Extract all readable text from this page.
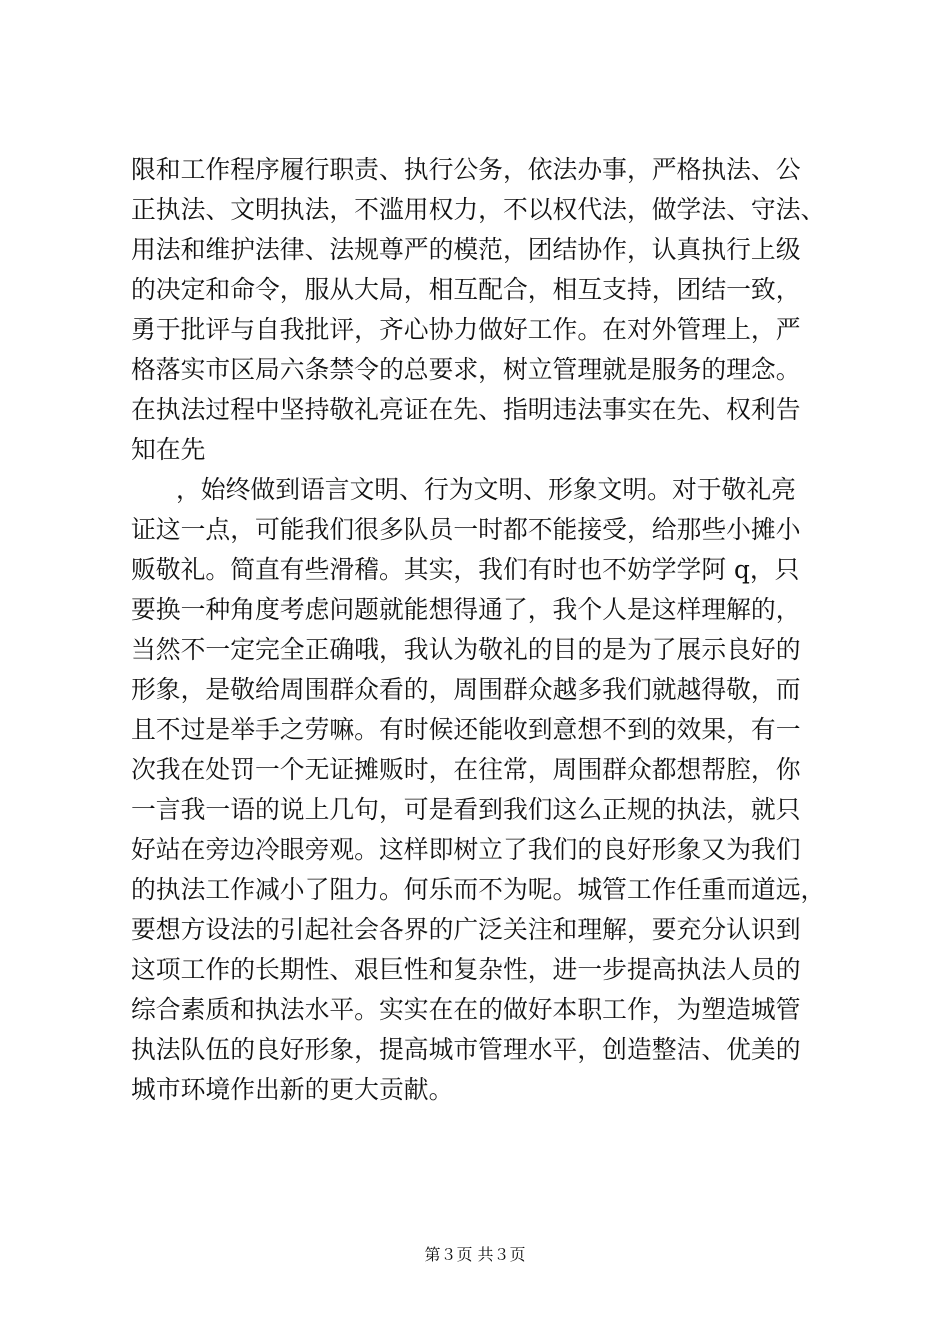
限和工作程序履行职责、执行公务，依法办事，严格执法、公
正执法、文明执法，不滥用权力，不以权代法，做学法、守法、
用法和维护法律、法规尊严的模范，团结协作，认真执行上级
的决定和命令，服从大局，相互配合，相互支持，团结一致，
勇于批评与自我批评，齐心协力做好工作。在对外管理上，严
格落实市区局六条禁令的总要求，树立管理就是服务的理念。
在执法过程中坚持敬礼亮证在先、指明违法事实在先、权利告
知在先
，始终做到语言文明、行为文明、形象文明。对于敬礼亮
证这一点，可能我们很多队员一时都不能接受，给那些小摊小
贩敬礼。简直有些滑稽。其实，我们有时也不妨学学阿 q，只
要换一种角度考虑问题就能想得通了，我个人是这样理解的，
当然不一定完全正确哦，我认为敬礼的目的是为了展示良好的
形象，是敬给周围群众看的，周围群众越多我们就越得敬，而
且不过是举手之劳嘛。有时候还能收到意想不到的效果，有一
次我在处罚一个无证摊贩时，在往常，周围群众都想帮腔，你
一言我一语的说上几句，可是看到我们这么正规的执法，就只
好站在旁边冷眼旁观。这样即树立了我们的良好形象又为我们
的执法工作减小了阻力。何乐而不为呢。城管工作任重而道远，
要想方设法的引起社会各界的广泛关注和理解，要充分认识到
这项工作的长期性、艰巨性和复杂性，进一步提高执法人员的
综合素质和执法水平。实实在在的做好本职工作，为塑造城管
执法队伍的良好形象，提高城市管理水平，创造整洁、优美的
城市环境作出新的更大贡献。
第３页 共３页
